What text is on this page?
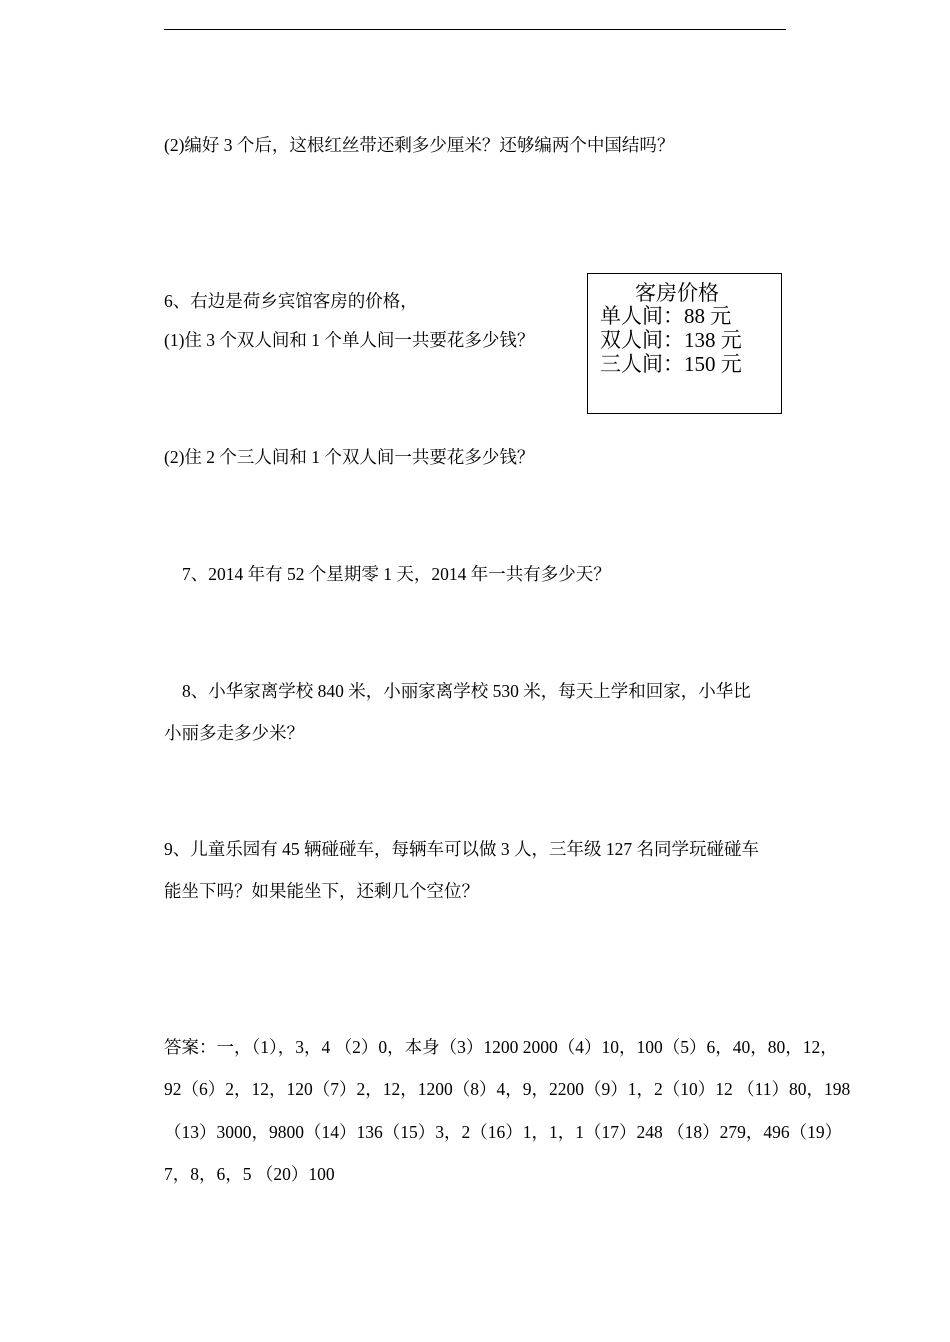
(2)编好 3 个后，这根红丝带还剩多少厘米？还够编两个中国结吗？
6、右边是荷乡宾馆客房的价格，
(1)住 3 个双人间和 1 个单人间一共要花多少钱？
客房价格
单人间：88 元
双人间：138 元
三人间：150 元
(2)住 2 个三人间和 1 个双人间一共要花多少钱？
7、2014 年有 52 个星期零 1 天，2014 年一共有多少天？
8、小华家离学校 840 米，小丽家离学校 530 米，每天上学和回家，小华比
小丽多走多少米？
9、儿童乐园有 45 辆碰碰车，每辆车可以做 3 人，三年级 127 名同学玩碰碰车
能坐下吗？如果能坐下，还剩几个空位？
答案：一，（1），3，4 （2）0，本身（3）1200 2000（4）10，100（5）6，40，80，12，
92（6）2，12，120（7）2，12，1200（8）4，9，2200（9）1，2（10）12 （11）80，198
（13）3000，9800（14）136（15）3，2（16）1，1，1（17）248 （18）279，496（19）
7，8，6，5 （20）100
